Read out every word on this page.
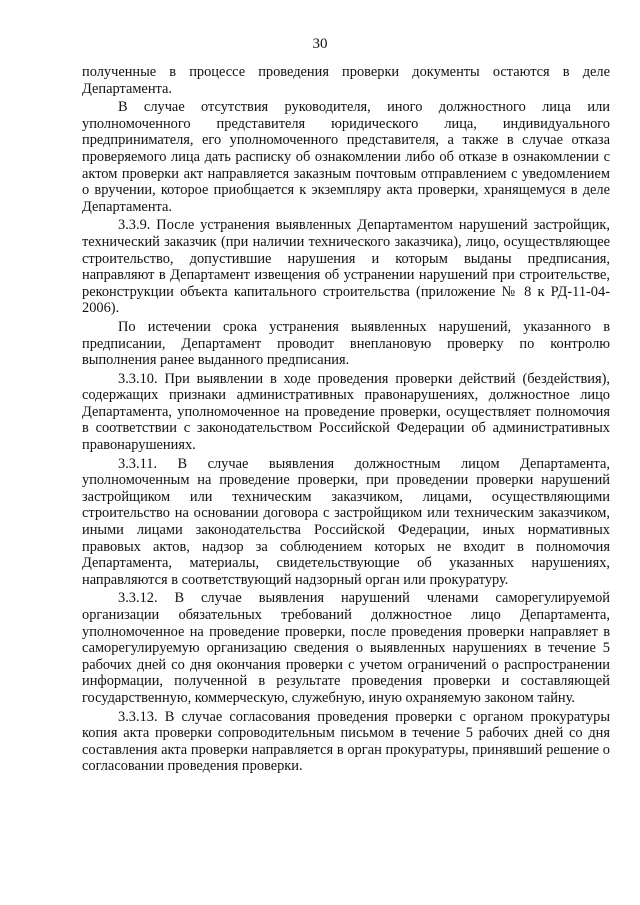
30

полученные в процессе проведения проверки документы остаются в деле Департамента.

В случае отсутствия руководителя, иного должностного лица или уполномоченного представителя юридического лица, индивидуального предпринимателя, его уполномоченного представителя, а также в случае отказа проверяемого лица дать расписку об ознакомлении либо об отказе в ознакомлении с актом проверки акт направляется заказным почтовым отправлением с уведомлением о вручении, которое приобщается к экземпляру акта проверки, хранящемуся в деле Департамента.

3.3.9. После устранения выявленных Департаментом нарушений застройщик, технический заказчик (при наличии технического заказчика), лицо, осуществляющее строительство, допустившие нарушения и которым выданы предписания, направляют в Департамент извещения об устранении нарушений при строительстве, реконструкции объекта капитального строительства (приложение № 8 к РД-11-04-2006).

По истечении срока устранения выявленных нарушений, указанного в предписании, Департамент проводит внеплановую проверку по контролю выполнения ранее выданного предписания.

3.3.10. При выявлении в ходе проведения проверки действий (бездействия), содержащих признаки административных правонарушениях, должностное лицо Департамента, уполномоченное на проведение проверки, осуществляет полномочия в соответствии с законодательством Российской Федерации об административных правонарушениях.

3.3.11. В случае выявления должностным лицом Департамента, уполномоченным на проведение проверки, при проведении проверки нарушений застройщиком или техническим заказчиком, лицами, осуществляющими строительство на основании договора с застройщиком или техническим заказчиком, иными лицами законодательства Российской Федерации, иных нормативных правовых актов, надзор за соблюдением которых не входит в полномочия Департамента, материалы, свидетельствующие об указанных нарушениях, направляются в соответствующий надзорный орган или прокуратуру.

3.3.12. В случае выявления нарушений членами саморегулируемой организации обязательных требований должностное лицо Департамента, уполномоченное на проведение проверки, после проведения проверки направляет в саморегулируемую организацию сведения о выявленных нарушениях в течение 5 рабочих дней со дня окончания проверки с учетом ограничений о распространении информации, полученной в результате проведения проверки и составляющей государственную, коммерческую, служебную, иную охраняемую законом тайну.

3.3.13. В случае согласования проведения проверки с органом прокуратуры копия акта проверки сопроводительным письмом в течение 5 рабочих дней со дня составления акта проверки направляется в орган прокуратуры, принявший решение о согласовании проведения проверки.
